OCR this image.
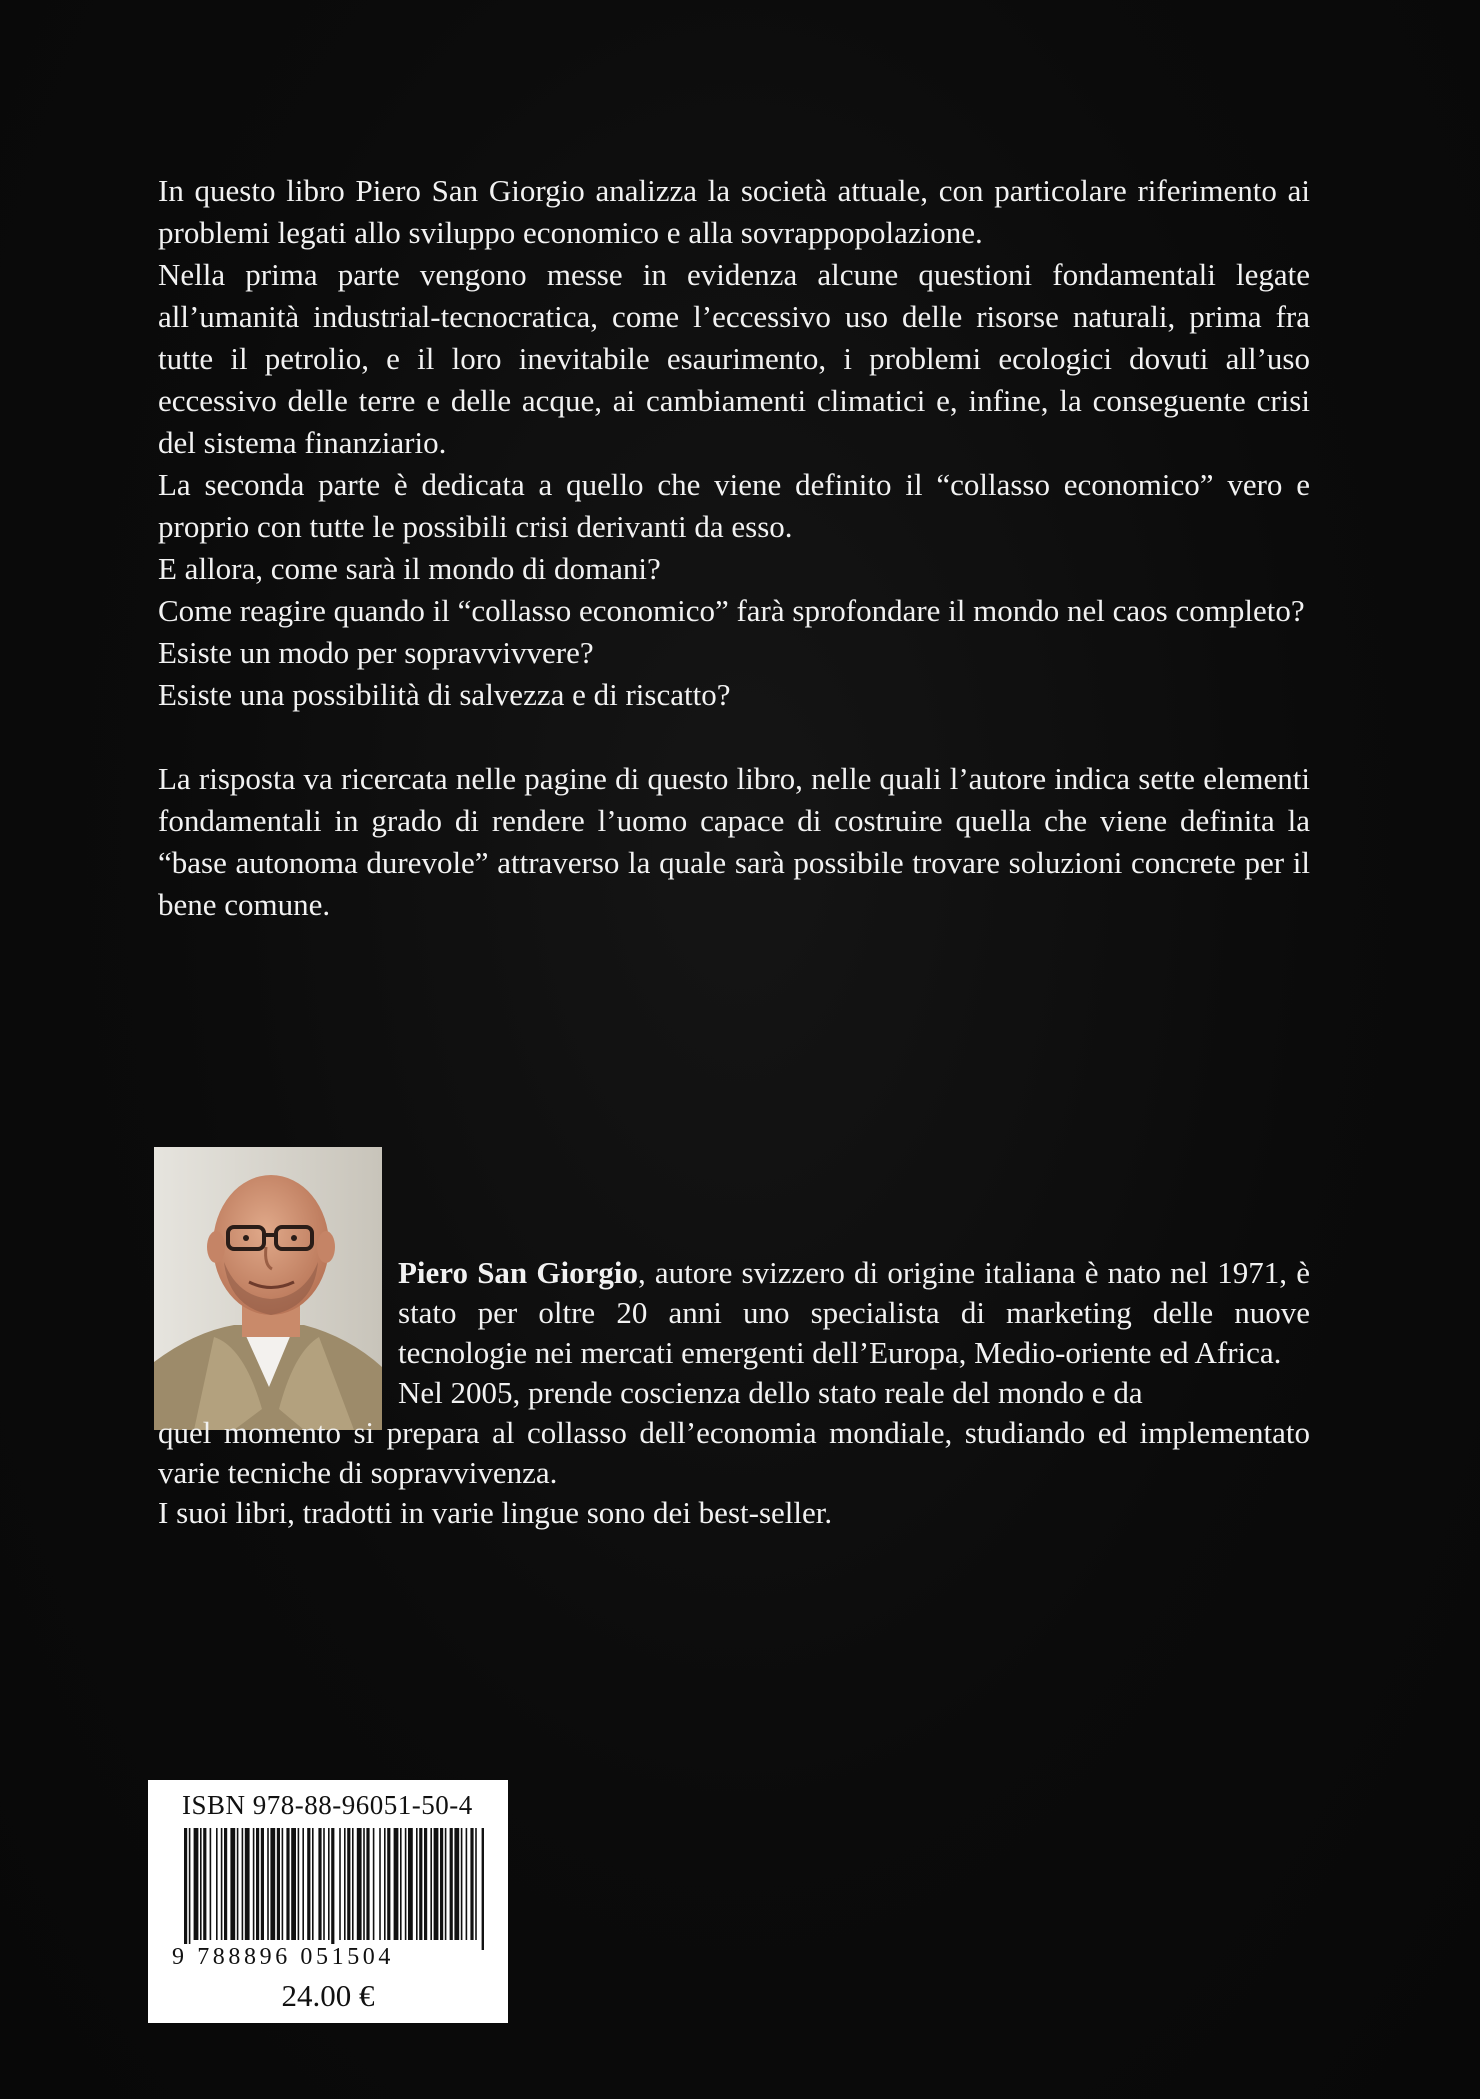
In questo libro Piero San Giorgio analizza la società attuale, con particolare riferimento ai problemi legati allo sviluppo economico e alla sovrappopolazione.

Nella prima parte vengono messe in evidenza alcune questioni fondamentali legate all’umanità industrial-tecnocratica, come l’eccessivo uso delle risorse naturali, prima fra tutte il petrolio, e il loro inevitabile esaurimento, i problemi ecologici dovuti all’uso eccessivo delle terre e delle acque, ai cambiamenti climatici e, infine, la conseguente crisi del sistema finanziario.

La seconda parte è dedicata a quello che viene definito il “collasso economico” vero e proprio con tutte le possibili crisi derivanti da esso.

E allora, come sarà il mondo di domani?

Come reagire quando il “collasso economico” farà sprofondare il mondo nel caos completo?

Esiste un modo per sopravvivvere?

Esiste una possibilità di salvezza e di riscatto?

La risposta va ricercata nelle pagine di questo libro, nelle quali l’autore indica sette elementi fondamentali in grado di rendere l’uomo capace di costruire quella che viene definita la “base autonoma durevole” attraverso la quale sarà possibile trovare soluzioni concrete per il bene comune.

Piero San Giorgio, autore svizzero di origine italiana è nato nel 1971, è stato per oltre 20 anni uno specialista di marketing delle nuove tecnologie nei mercati emergenti dell’Europa, Medio-oriente ed Africa.

Nel 2005, prende coscienza dello stato reale del mondo e da

quel momento si prepara al collasso dell’economia mondiale, studiando ed implementato varie tecniche di sopravvivenza.

I suoi libri, tradotti in varie lingue sono dei best-seller.

ISBN 978-88-96051-50-4
9 788896 051504
24.00 €
